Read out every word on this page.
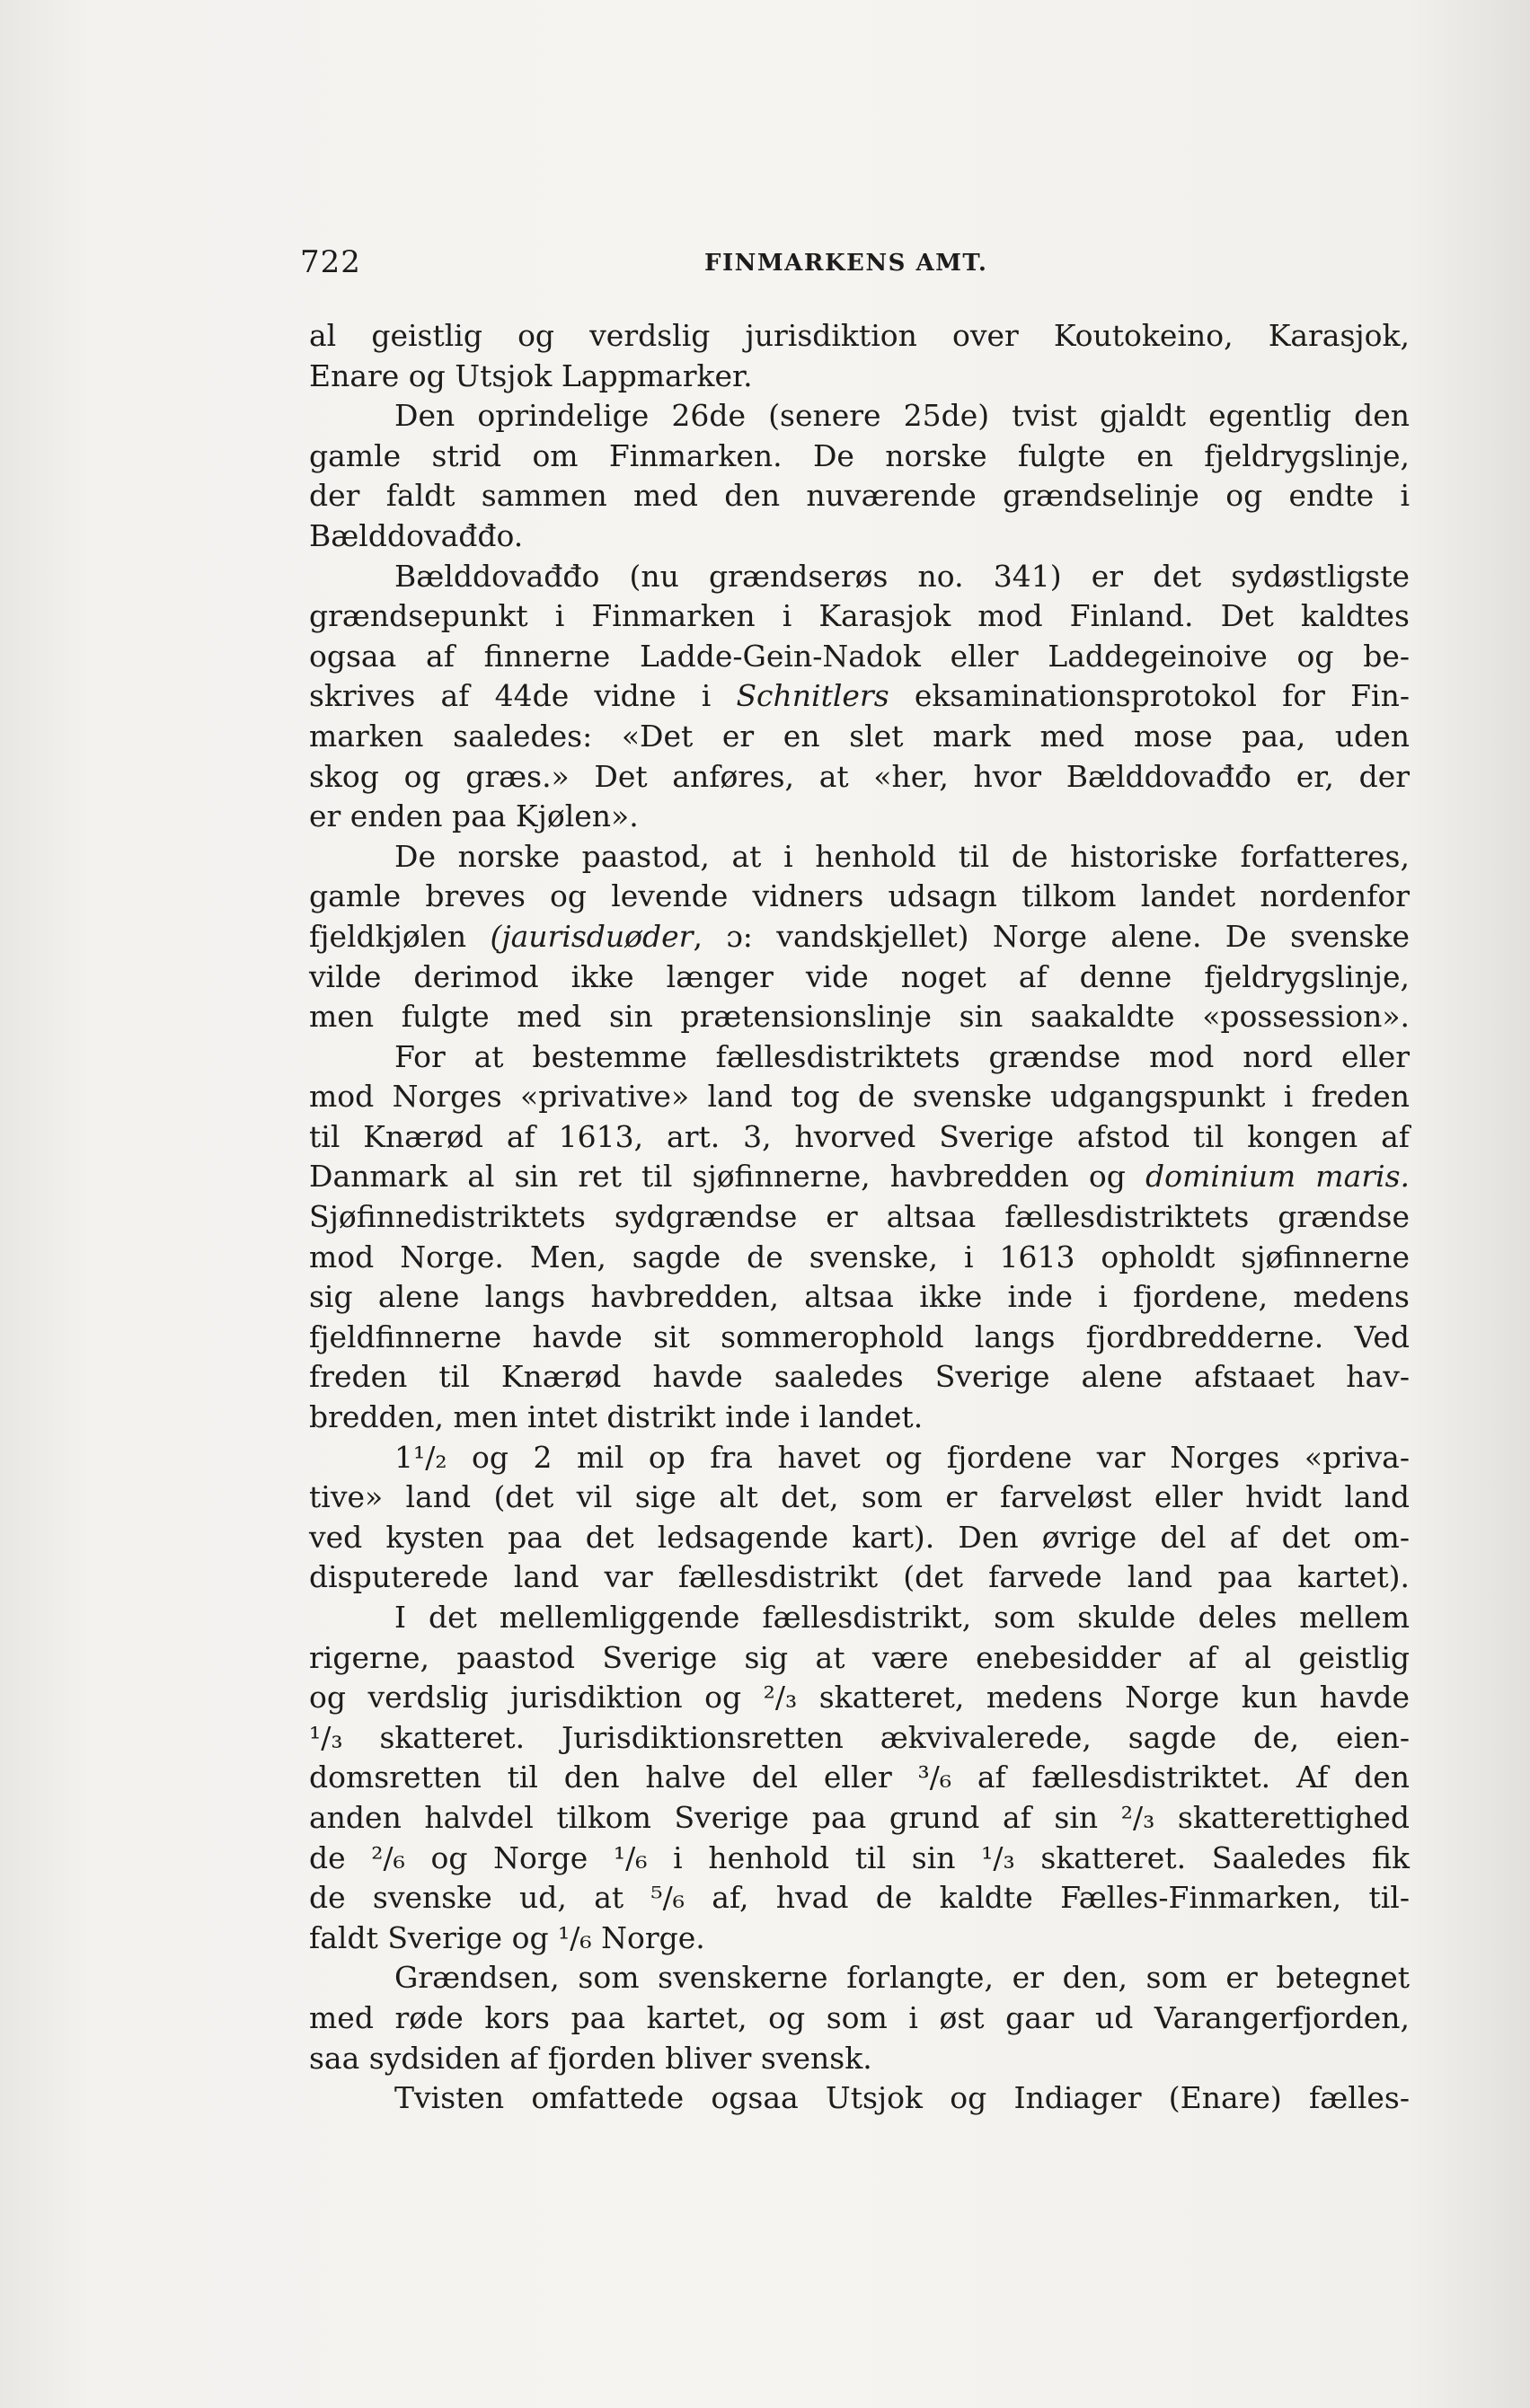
722	FINMARKENS AMT.
al geistlig og verdslig jurisdiktion over Koutokeino, Karasjok,
Enare og Utsjok Lappmarker.
Den oprindelige 26de (senere 25de) tvist gjaldt egentlig den
gamle strid om Finmarken. De norske fulgte en fjeldrygslinje,
der faldt sammen med den nuværende grændselinje og endte i
Bælddovađđo.
Bælddovađđo (nu grændserøs no. 341) er det sydøstligste
grændsepunkt i Finmarken i Karasjok mod Finland. Det kaldtes
ogsaa af finnerne Ladde-Gein-Nadok eller Laddegeinoive og be-
skrives af 44de vidne i Schnitlers eksaminationsprotokol for Fin-
marken saaledes: «Det er en slet mark med mose paa, uden
skog og græs.» Det anføres, at «her, hvor Bælddovađđo er, der
er enden paa Kjølen».
De norske paastod, at i henhold til de historiske forfatteres,
gamle breves og levende vidners udsagn tilkom landet nordenfor
fjeldkjølen (jaurisduøder, ɔ: vandskjellet) Norge alene. De svenske
vilde derimod ikke længer vide noget af denne fjeldrygslinje,
men fulgte med sin prætensionslinje sin saakaldte «possession».
For at bestemme fællesdistriktets grændse mod nord eller
mod Norges «privative» land tog de svenske udgangspunkt i freden
til Knærød af 1613, art. 3, hvorved Sverige afstod til kongen af
Danmark al sin ret til sjøfinnerne, havbredden og dominium maris.
Sjøfinnedistriktets sydgrændse er altsaa fællesdistriktets grændse
mod Norge. Men, sagde de svenske, i 1613 opholdt sjøfinnerne
sig alene langs havbredden, altsaa ikke inde i fjordene, medens
fjeldfinnerne havde sit sommerophold langs fjordbredderne. Ved
freden til Knærød havde saaledes Sverige alene afstaaet hav-
bredden, men intet distrikt inde i landet.
1¹/₂ og 2 mil op fra havet og fjordene var Norges «priva-
tive» land (det vil sige alt det, som er farveløst eller hvidt land
ved kysten paa det ledsagende kart). Den øvrige del af det om-
disputerede land var fællesdistrikt (det farvede land paa kartet).
I det mellemliggende fællesdistrikt, som skulde deles mellem
rigerne, paastod Sverige sig at være enebesidder af al geistlig
og verdslig jurisdiktion og ²/₃ skatteret, medens Norge kun havde
¹/₃ skatteret. Jurisdiktionsretten ækvivalerede, sagde de, eien-
domsretten til den halve del eller ³/₆ af fællesdistriktet. Af den
anden halvdel tilkom Sverige paa grund af sin ²/₃ skatterettighed
de ²/₆ og Norge ¹/₆ i henhold til sin ¹/₃ skatteret. Saaledes fik
de svenske ud, at ⁵/₆ af, hvad de kaldte Fælles-Finmarken, til-
faldt Sverige og ¹/₆ Norge.
Grændsen, som svenskerne forlangte, er den, som er betegnet
med røde kors paa kartet, og som i øst gaar ud Varangerfjorden,
saa sydsiden af fjorden bliver svensk.
Tvisten omfattede ogsaa Utsjok og Indiager (Enare) fælles-
